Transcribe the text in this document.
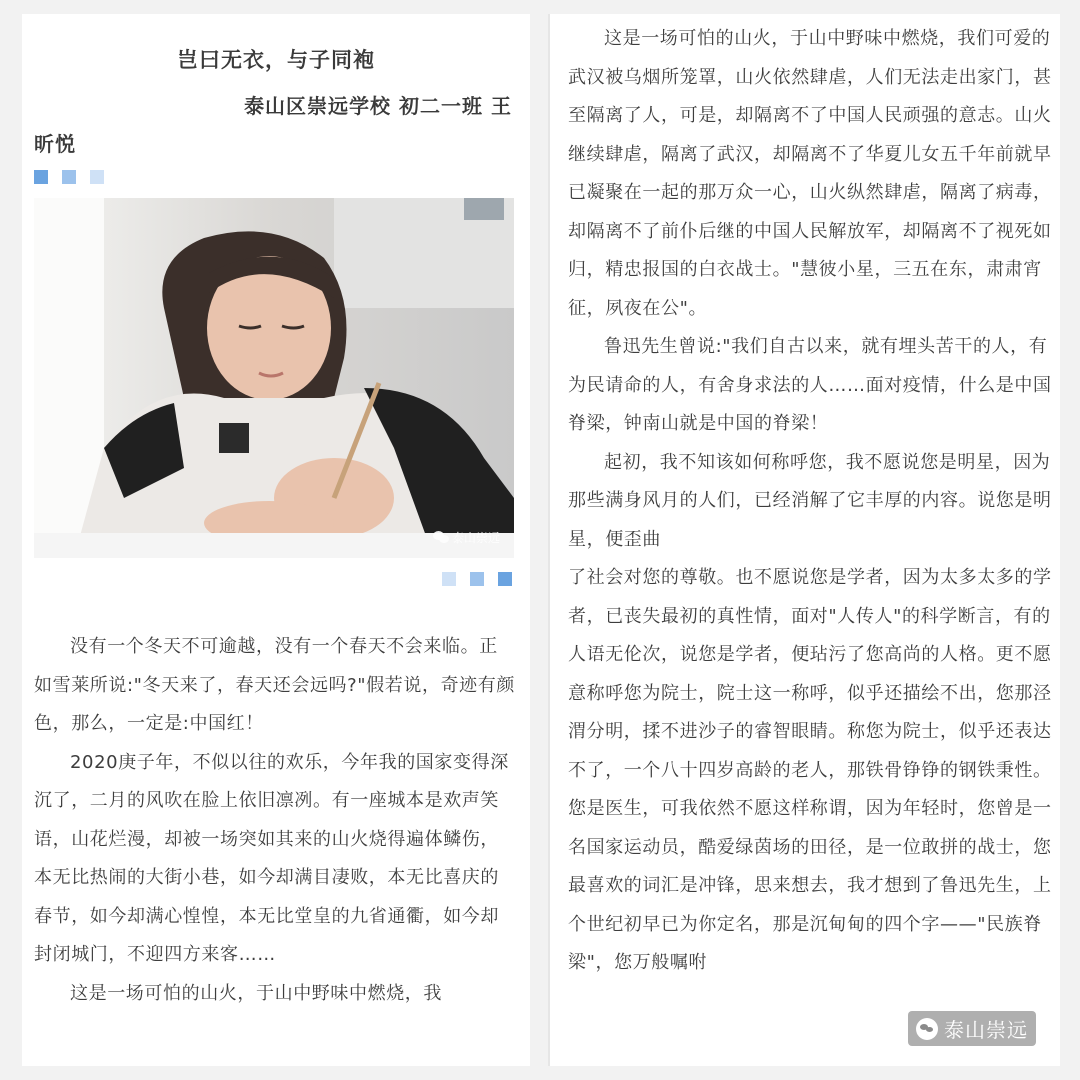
岂曰无衣，与子同袍
泰山区崇远学校 初二一班 王
昕悦
泰山崇远

没有一个冬天不可逾越，没有一个春天不会来临。正如雪莱所说:"冬天来了，春天还会远吗?"假若说，奇迹有颜色，那么，一定是:中国红！

2020庚子年，不似以往的欢乐，今年我的国家变得深沉了，二月的风吹在脸上依旧凛冽。有一座城本是欢声笑语，山花烂漫，却被一场突如其来的山火烧得遍体鳞伤，本无比热闹的大街小巷，如今却满目凄败，本无比喜庆的春节，如今却满心惶惶，本无比堂皇的九省通衢，如今却封闭城门，不迎四方来客……

这是一场可怕的山火，于山中野味中燃烧，我

这是一场可怕的山火，于山中野味中燃烧，我们可爱的武汉被乌烟所笼罩，山火依然肆虐，人们无法走出家门，甚至隔离了人，可是，却隔离不了中国人民顽强的意志。山火继续肆虐，隔离了武汉，却隔离不了华夏儿女五千年前就早已凝聚在一起的那万众一心，山火纵然肆虐，隔离了病毒，却隔离不了前仆后继的中国人民解放军，却隔离不了视死如归，精忠报国的白衣战士。"慧彼小星，三五在东，肃肃宵征，夙夜在公"。

鲁迅先生曾说:"我们自古以来，就有埋头苦干的人，有为民请命的人，有舍身求法的人……面对疫情，什么是中国脊梁，钟南山就是中国的脊梁！

起初，我不知该如何称呼您，我不愿说您是明星，因为那些满身风月的人们，已经消解了它丰厚的内容。说您是明星，便歪曲

了社会对您的尊敬。也不愿说您是学者，因为太多太多的学者，已丧失最初的真性情，面对"人传人"的科学断言，有的人语无伦次，说您是学者，便玷污了您高尚的人格。更不愿意称呼您为院士，院士这一称呼，似乎还描绘不出，您那泾渭分明，揉不进沙子的睿智眼睛。称您为院士，似乎还表达不了，一个八十四岁高龄的老人，那铁骨铮铮的钢铁秉性。您是医生，可我依然不愿这样称谓，因为年轻时，您曾是一名国家运动员，酷爱绿茵场的田径，是一位敢拼的战士，您最喜欢的词汇是冲锋，思来想去，我才想到了鲁迅先生，上个世纪初早已为你定名，那是沉甸甸的四个字——"民族脊梁"，您万般嘱咐

泰山崇远
